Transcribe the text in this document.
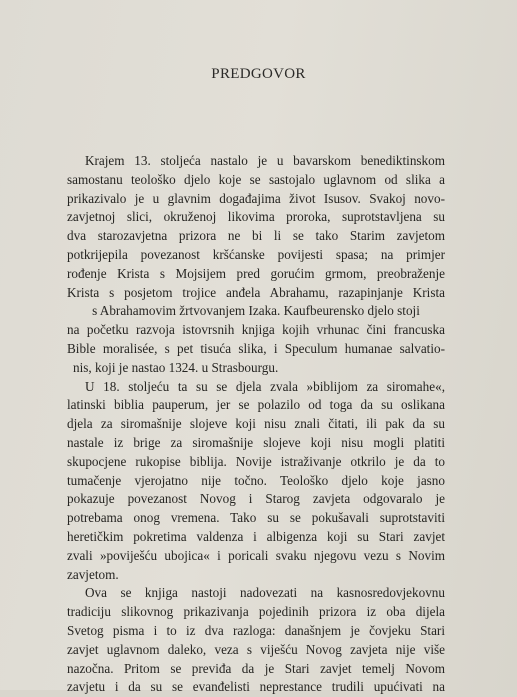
PREDGOVOR
Krajem 13. stoljeća nastalo je u bavarskom benediktinskom
samostanu teološko djelo koje se sastojalo uglavnom od slika a
prikazivalo je u glavnim događajima život Isusov. Svakoj novo-
zavjetnoj slici, okruženoj likovima proroka, suprotstavljena su
dva starozavjetna prizora ne bi li se tako Starim zavjetom
potkrijepila povezanost kršćanske povijesti spasa; na primjer
rođenje Krista s Mojsijem pred gorućim grmom, preobraženje
Krista s posjetom trojice anđela Abrahamu, razapinjanje Krista
s Abrahamovim žrtvovanjem Izaka. Kaufbeurensko djelo stoji
na početku razvoja istovrsnih knjiga kojih vrhunac čini francuska
Bible moralisée, s pet tisuća slika, i Speculum humanae salvatio-
nis, koji je nastao 1324. u Strasbourgu.
U 18. stoljeću ta su se djela zvala »biblijom za siromahe«,
latinski biblia pauperum, jer se polazilo od toga da su oslikana
djela za siromašnije slojeve koji nisu znali čitati, ili pak da su
nastale iz brige za siromašnije slojeve koji nisu mogli platiti
skupocjene rukopise biblija. Novije istraživanje otkrilo je da to
tumačenje vjerojatno nije točno. Teološko djelo koje jasno
pokazuje povezanost Novog i Starog zavjeta odgovaralo je
potrebama onog vremena. Tako su se pokušavali suprotstaviti
heretičkim pokretima valdenza i albigenza koji su Stari zavjet
zvali »poviješću ubojica« i poricali svaku njegovu vezu s Novim
zavjetom.
Ova se knjiga nastoji nadovezati na kasnosredovjekovnu
tradiciju slikovnog prikazivanja pojedinih prizora iz oba dijela
Svetog pisma i to iz dva razloga: današnjem je čovjeku Stari
zavjet uglavnom daleko, veza s viješću Novog zavjeta nije više
nazočna. Pritom se previđa da je Stari zavjet temelj Novom
zavjetu i da su se evanđelisti neprestance trudili upućivati na
